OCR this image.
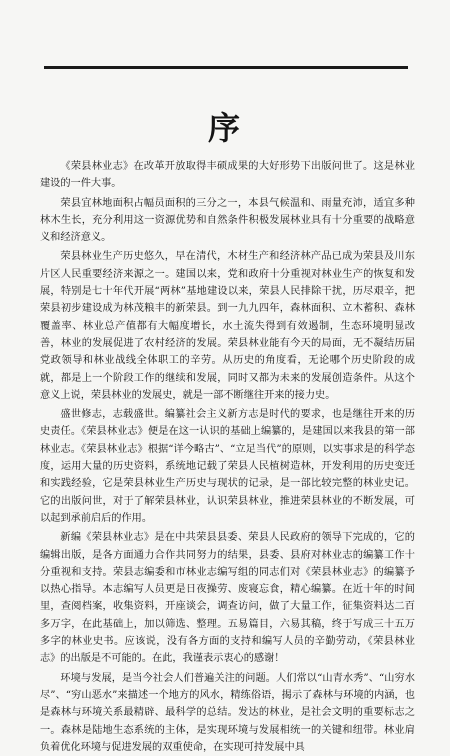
序

《荣县林业志》在改革开放取得丰硕成果的大好形势下出版问世了。这是林业建设的一件大事。

荣县宜林地面积占幅员面积的三分之一，本县气候温和、雨量充沛，适宜多种林木生长，充分利用这一资源优势和自然条件积极发展林业具有十分重要的战略意义和经济意义。

荣县林业生产历史悠久，早在清代，木材生产和经济林产品已成为荣县及川东片区人民重要经济来源之一。建国以来，党和政府十分重视对林业生产的恢复和发展，特别是七十年代开展“两林”基地建设以来，荣县人民排除干扰，历尽艰辛，把荣县初步建设成为林茂粮丰的新荣县。到一九九四年，森林面积、立木蓄积、森林覆盖率、林业总产值都有大幅度增长，水土流失得到有效遏制，生态环境明显改善，林业的发展促进了农村经济的发展。荣县林业能有今天的局面，无不凝结历届党政领导和林业战线全体职工的辛劳。从历史的角度看，无论哪个历史阶段的成就，都是上一个阶段工作的继续和发展，同时又都为未来的发展创造条件。从这个意义上说，荣县林业的发展史，就是一部不断继往开来的接力史。

盛世修志，志载盛世。编纂社会主义新方志是时代的要求，也是继往开来的历史责任。《荣县林业志》便是在这一认识的基础上编纂的，是建国以来我县的第一部林业志。《荣县林业志》根据“详今略古”、“立足当代”的原则，以实事求是的科学态度，运用大量的历史资料，系统地记载了荣县人民植树造林，开发利用的历史变迁和实践经验，它是荣县林业生产历史与现状的记录，是一部比较完整的林业史记。它的出版问世，对于了解荣县林业，认识荣县林业，推进荣县林业的不断发展，可以起到承前启后的作用。

新编《荣县林业志》是在中共荣县县委、荣县人民政府的领导下完成的，它的编辑出版，是各方面通力合作共同努力的结果，县委、县府对林业志的编纂工作十分重视和支持。荣县志编委和市林业志编写组的同志们对《荣县林业志》的编纂予以热心指导。本志编写人员更是日夜操劳、废寝忘食，精心编纂。在近十年的时间里，查阅档案，收集资料，开座谈会，调查访问，做了大量工作，征集资料达二百多万字，在此基础上，加以筛选、整理。五易篇目，六易其稿，终于写成三十五万多字的林业史书。应该说，没有各方面的支持和编写人员的辛勤劳动，《荣县林业志》的出版是不可能的。在此，我谨表示衷心的感谢！

环境与发展，是当今社会人们普遍关注的问题。人们常以“山青水秀”、“山穷水尽”、“穷山恶水”来描述一个地方的风水，精练俗语，揭示了森林与环境的内涵，也是森林与环境关系最精辟、最科学的总结。发达的林业，是社会文明的重要标志之一。森林是陆地生态系统的主体，是实现环境与发展相统一的关键和纽带。林业肩负着优化环境与促进发展的双重使命，在实现可持发展中具
